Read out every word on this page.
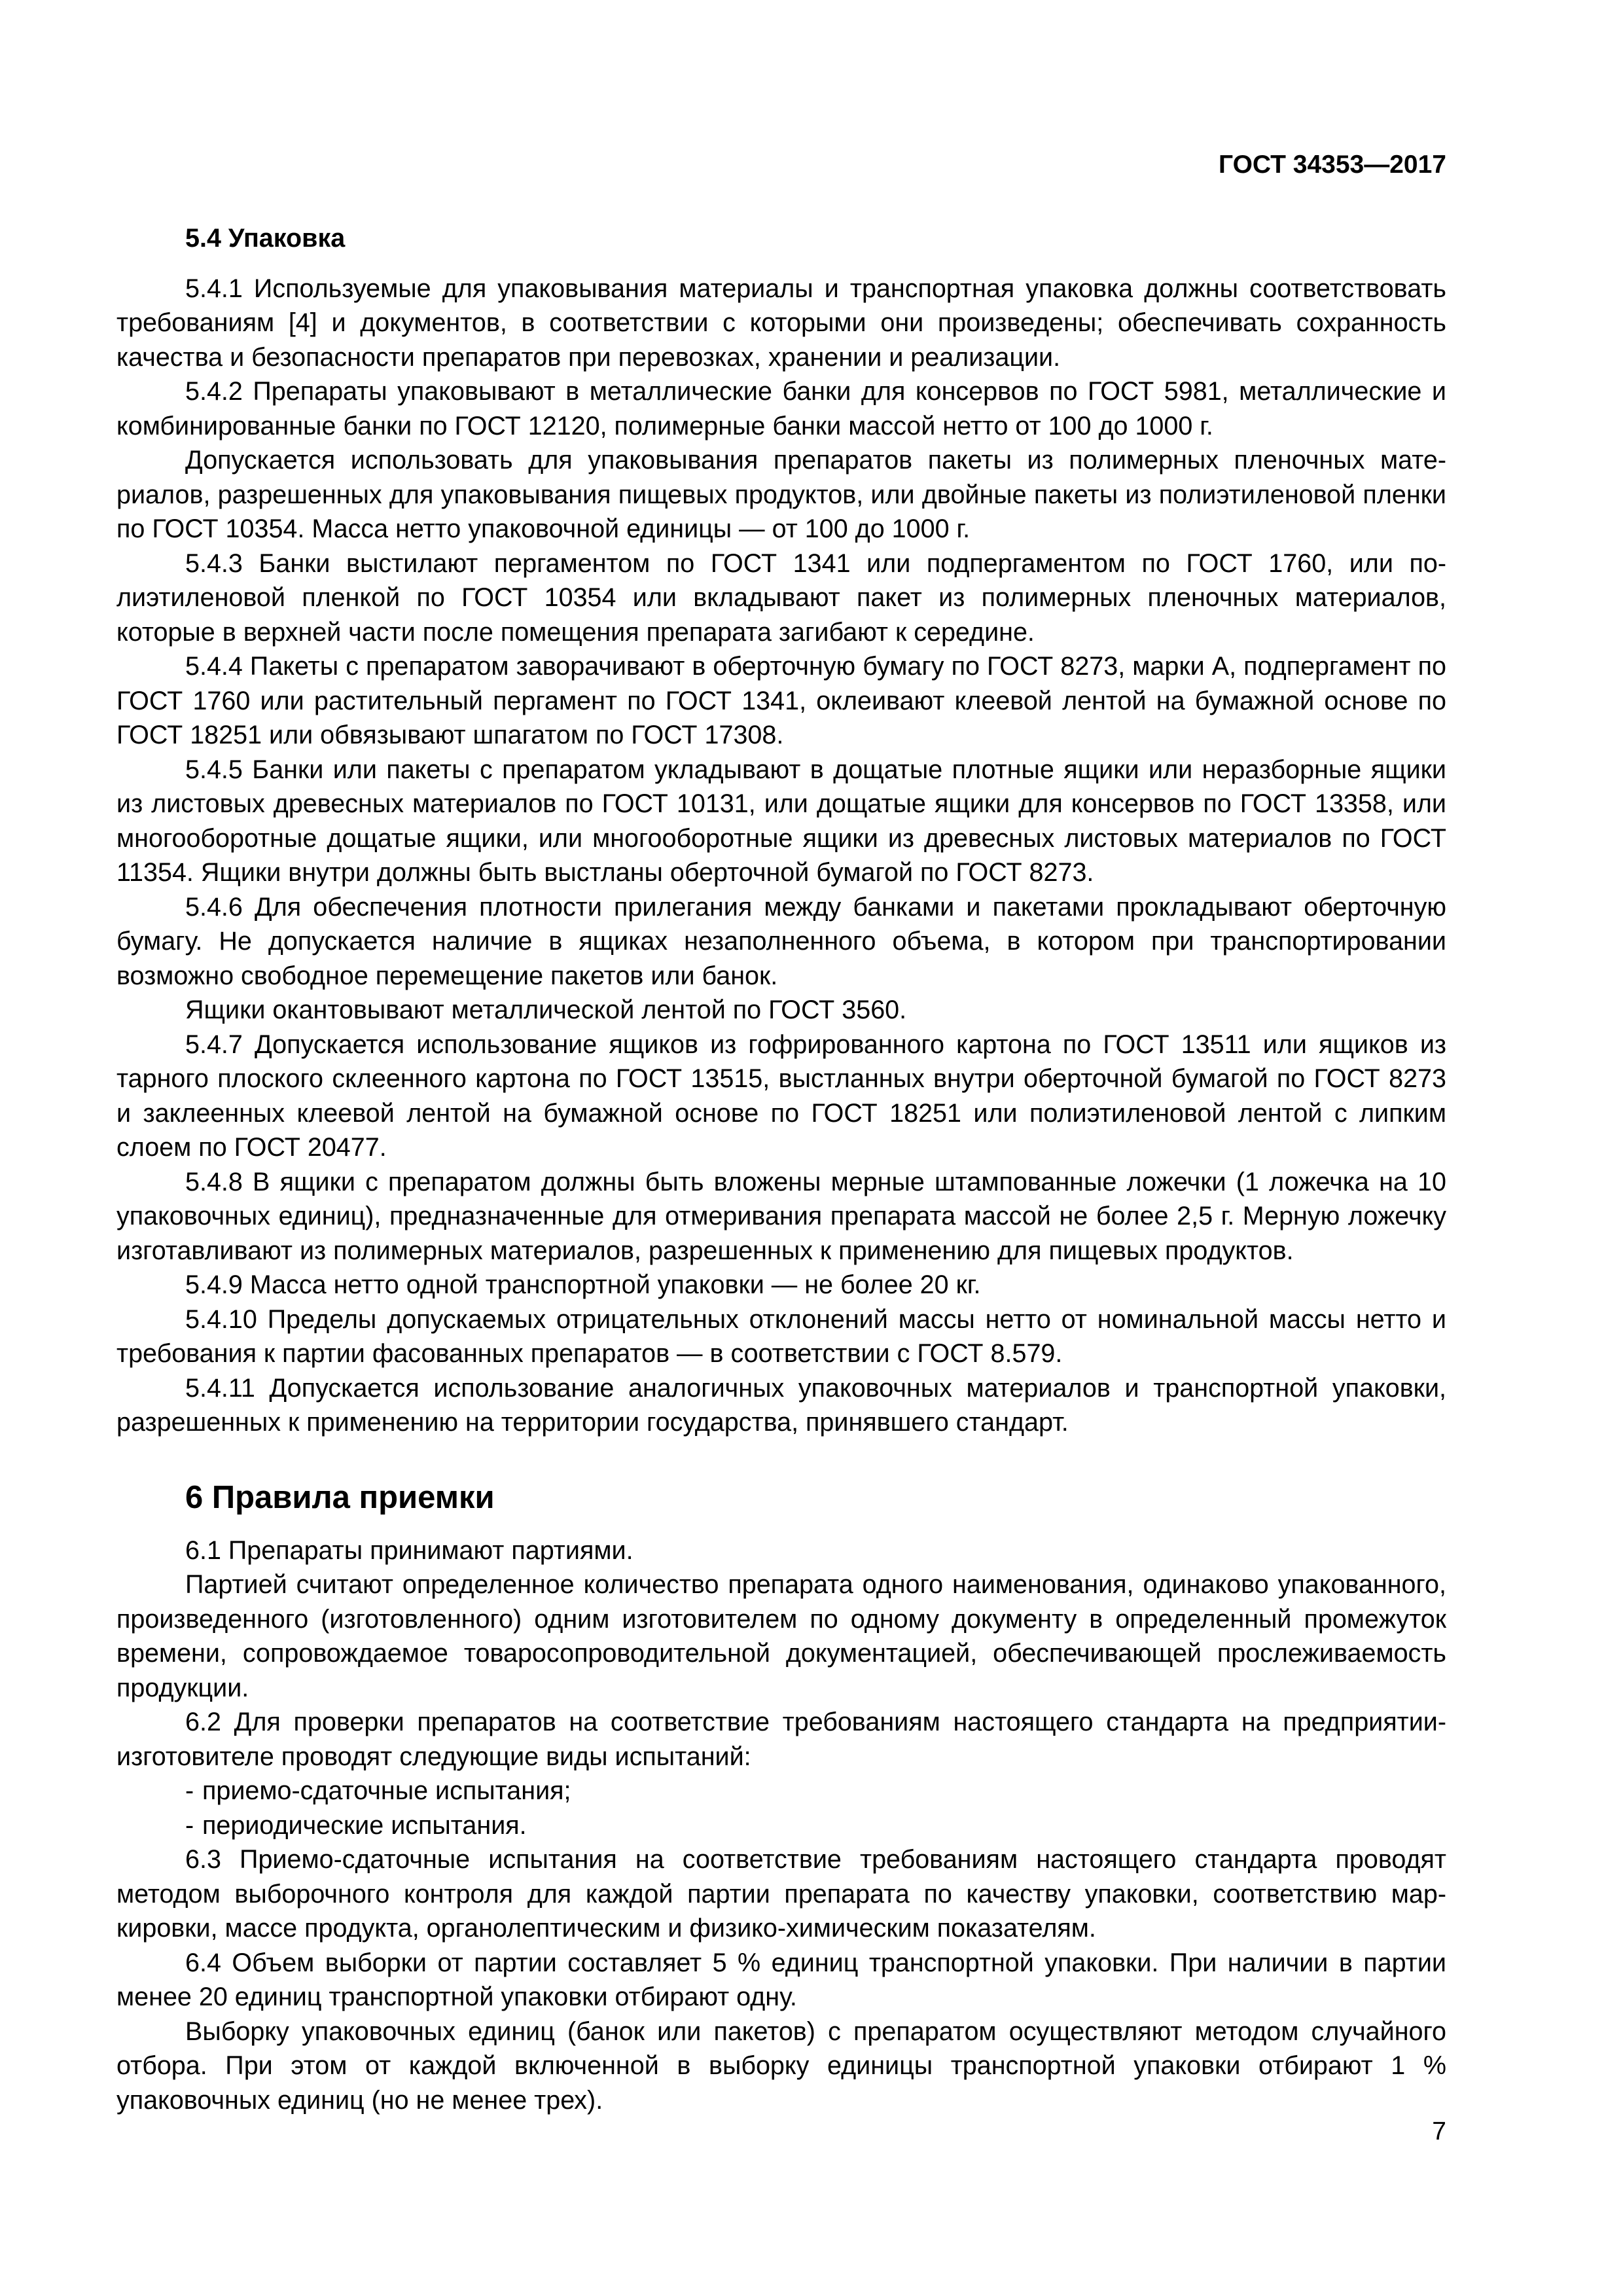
ГОСТ 34353—2017
5.4 Упаковка

5.4.1 Используемые для упаковывания материалы и транспортная упаковка должны соответствовать требованиям [4] и документов, в соответствии с которыми они произведены; обеспечивать сохранность качества и безопасности препаратов при перевозках, хранении и реализации.

5.4.2 Препараты упаковывают в металлические банки для консервов по ГОСТ 5981, металлические и комбинированные банки по ГОСТ 12120, полимерные банки массой нетто от 100 до 1000 г.

Допускается использовать для упаковывания препаратов пакеты из полимерных пленочных материалов, разрешенных для упаковывания пищевых продуктов, или двойные пакеты из полиэтиленовой пленки по ГОСТ 10354. Масса нетто упаковочной единицы — от 100 до 1000 г.

5.4.3 Банки выстилают пергаментом по ГОСТ 1341 или подпергаментом по ГОСТ 1760, или полиэтиленовой пленкой по ГОСТ 10354 или вкладывают пакет из полимерных пленочных материалов, которые в верхней части после помещения препарата загибают к середине.

5.4.4 Пакеты с препаратом заворачивают в оберточную бумагу по ГОСТ 8273, марки А, подпергамент по ГОСТ 1760 или растительный пергамент по ГОСТ 1341, оклеивают клеевой лентой на бумажной основе по ГОСТ 18251 или обвязывают шпагатом по ГОСТ 17308.

5.4.5 Банки или пакеты с препаратом укладывают в дощатые плотные ящики или неразборные ящики из листовых древесных материалов по ГОСТ 10131, или дощатые ящики для консервов по ГОСТ 13358, или многооборотные дощатые ящики, или многооборотные ящики из древесных листовых материалов по ГОСТ 11354. Ящики внутри должны быть выстланы оберточной бумагой по ГОСТ 8273.

5.4.6 Для обеспечения плотности прилегания между банками и пакетами прокладывают оберточную бумагу. Не допускается наличие в ящиках незаполненного объема, в котором при транспортировании возможно свободное перемещение пакетов или банок.

Ящики окантовывают металлической лентой по ГОСТ 3560.

5.4.7 Допускается использование ящиков из гофрированного картона по ГОСТ 13511 или ящиков из тарного плоского склеенного картона по ГОСТ 13515, выстланных внутри оберточной бумагой по ГОСТ 8273 и заклеенных клеевой лентой на бумажной основе по ГОСТ 18251 или полиэтиленовой лентой с липким слоем по ГОСТ 20477.

5.4.8 В ящики с препаратом должны быть вложены мерные штампованные ложечки (1 ложечка на 10 упаковочных единиц), предназначенные для отмеривания препарата массой не более 2,5 г. Мерную ложечку изготавливают из полимерных материалов, разрешенных к применению для пищевых продуктов.

5.4.9 Масса нетто одной транспортной упаковки — не более 20 кг.

5.4.10 Пределы допускаемых отрицательных отклонений массы нетто от номинальной массы нетто и требования к партии фасованных препаратов — в соответствии с ГОСТ 8.579.

5.4.11 Допускается использование аналогичных упаковочных материалов и транспортной упаковки, разрешенных к применению на территории государства, принявшего стандарт.

6 Правила приемки

6.1 Препараты принимают партиями.

Партией считают определенное количество препарата одного наименования, одинаково упакованного, произведенного (изготовленного) одним изготовителем по одному документу в определенный промежуток времени, сопровождаемое товаросопроводительной документацией, обеспечивающей прослеживаемость продукции.

6.2 Для проверки препаратов на соответствие требованиям настоящего стандарта на предприятии-изготовителе проводят следующие виды испытаний:

- приемо-сдаточные испытания;
- периодические испытания.

6.3 Приемо-сдаточные испытания на соответствие требованиям настоящего стандарта проводят методом выборочного контроля для каждой партии препарата по качеству упаковки, соответствию маркировки, массе продукта, органолептическим и физико-химическим показателям.

6.4 Объем выборки от партии составляет 5 % единиц транспортной упаковки. При наличии в партии менее 20 единиц транспортной упаковки отбирают одну.

Выборку упаковочных единиц (банок или пакетов) с препаратом осуществляют методом случайного отбора. При этом от каждой включенной в выборку единицы транспортной упаковки отбирают 1 % упаковочных единиц (но не менее трех).

7
